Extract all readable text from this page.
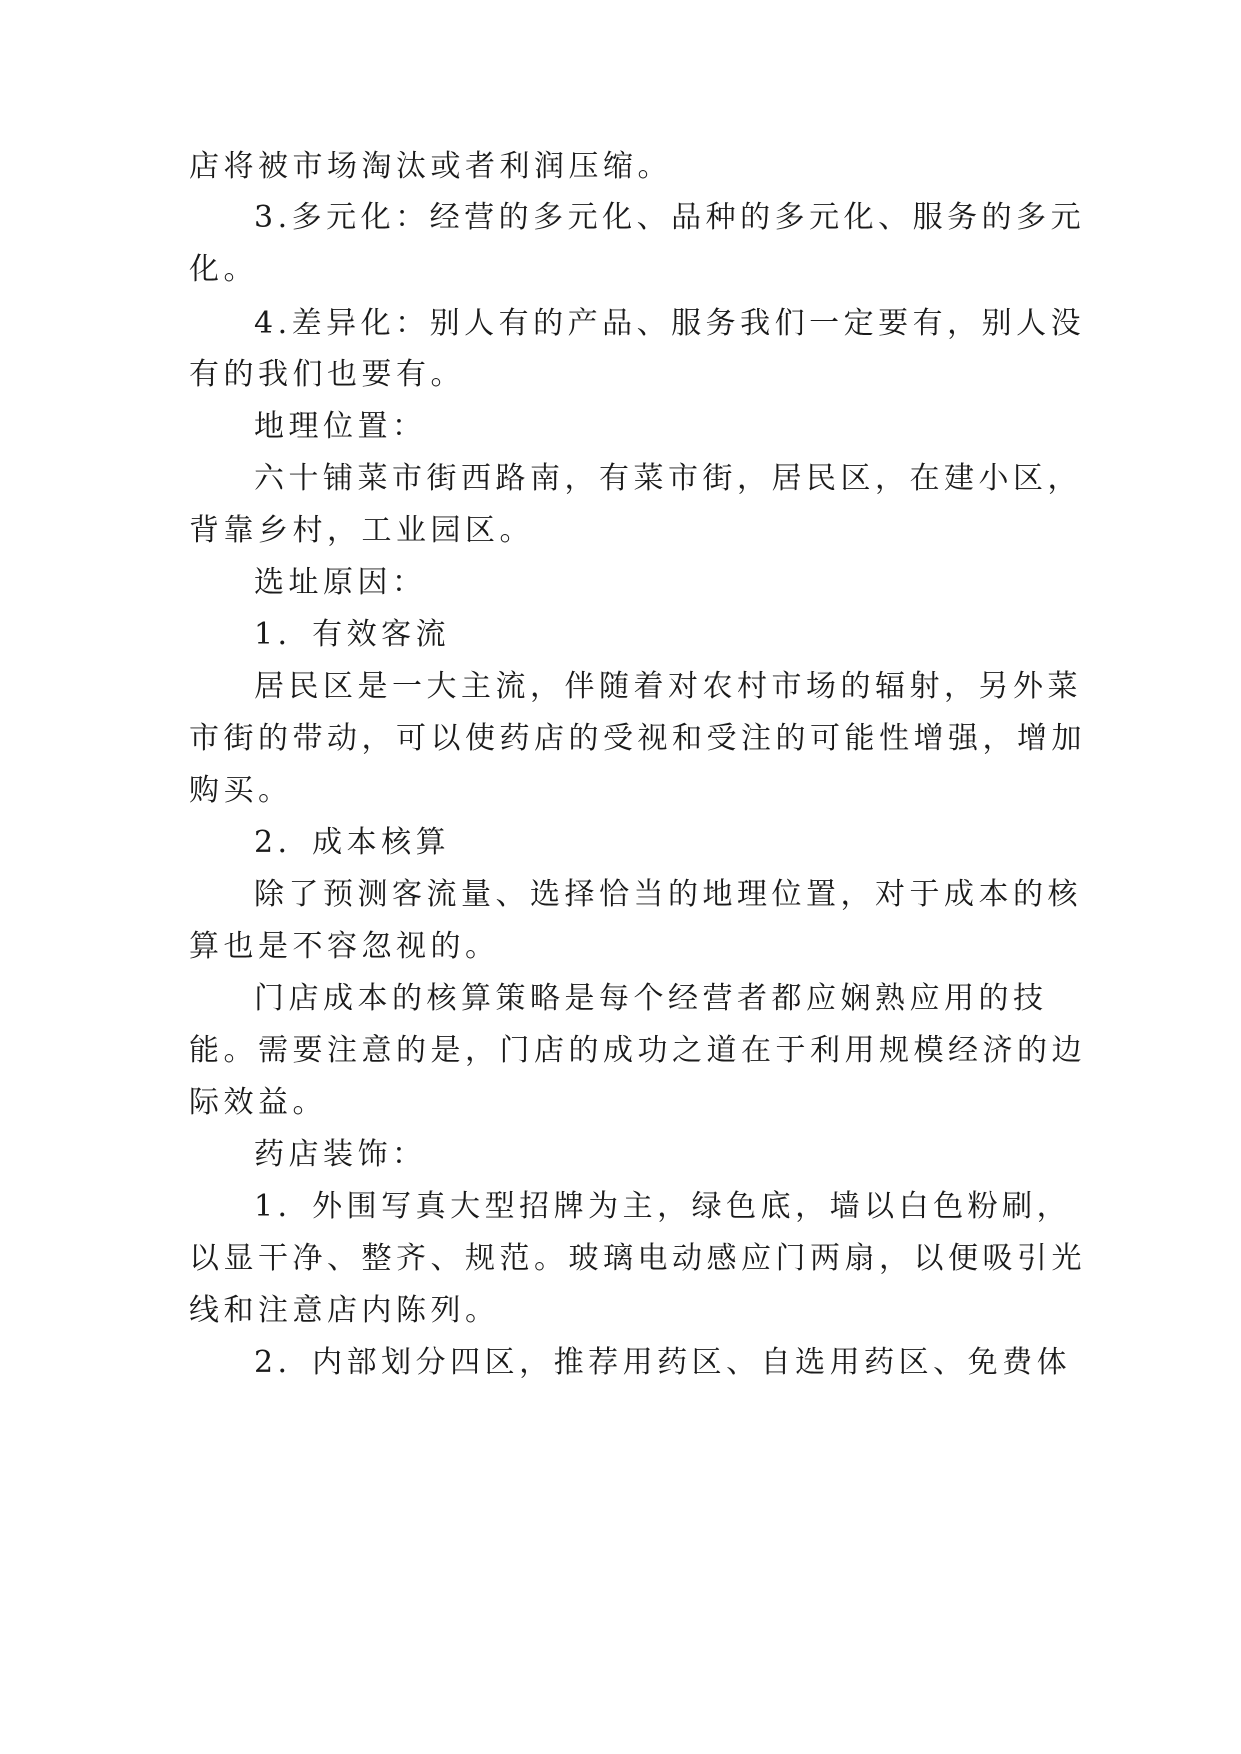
店将被市场淘汰或者利润压缩。
3.多元化：经营的多元化、品种的多元化、服务的多元
化。
4.差异化：别人有的产品、服务我们一定要有，别人没
有的我们也要有。
地理位置：
六十铺菜市街西路南，有菜市街，居民区，在建小区，
背靠乡村，工业园区。
选址原因：
1．有效客流
居民区是一大主流，伴随着对农村市场的辐射，另外菜
市街的带动，可以使药店的受视和受注的可能性增强，增加
购买。
2．成本核算
除了预测客流量、选择恰当的地理位置，对于成本的核
算也是不容忽视的。
门店成本的核算策略是每个经营者都应娴熟应用的技
能。需要注意的是，门店的成功之道在于利用规模经济的边
际效益。
药店装饰：
1．外围写真大型招牌为主，绿色底，墙以白色粉刷，
以显干净、整齐、规范。玻璃电动感应门两扇，以便吸引光
线和注意店内陈列。
2．内部划分四区，推荐用药区、自选用药区、免费体
